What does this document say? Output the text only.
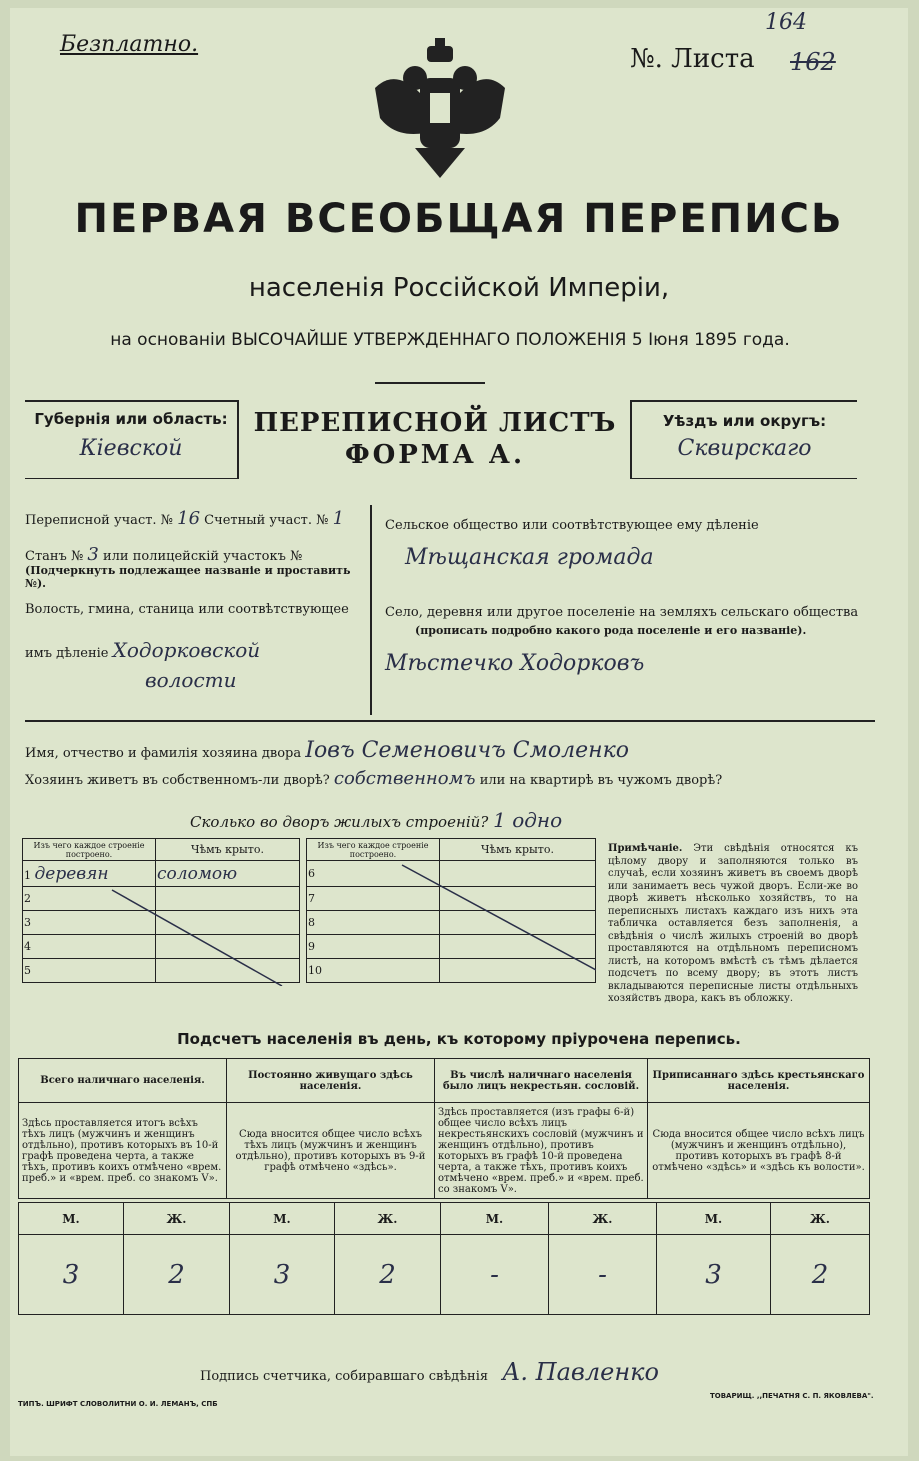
Безплатно.	№. Листа 162
164
ПЕРВАЯ ВСЕОБЩАЯ ПЕРЕПИСЬ
населенія Россійской Имперіи,
на основаніи ВЫСОЧАЙШЕ УТВЕРЖДЕННАГО ПОЛОЖЕНІЯ 5 Іюня 1895 года.
Губернія или область:
Кіевской
ПЕРЕПИСНОЙ ЛИСТЪ
ФОРМА А.
Уѣздъ или округъ:
Сквирскаго
Переписной участ. № 16 Счетный участ. № 1
Станъ № 3 или полицейскій участокъ №
(Подчеркнуть подлежащее названіе и проставить №).
Волость, гмина, станица или соотвѣтствующее
имъ дѣленіе Ходорковской
волости
Сельское общество или соотвѣтствующее ему дѣленіе
Мѣщанская громада
Село, деревня или другое поселеніе на земляхъ сельскаго общества
(прописать подробно какого рода поселеніе и его названіе).
Мѣстечко Ходорковъ
Имя, отчество и фамилія хозяина двора Іовъ Семеновичъ Смоленко
Хозяинъ живетъ въ собственномъ-ли дворѣ? собственномъ или на квартирѣ въ чужомъ дворѣ?
Сколько во дворъ жилыхъ строеній? 1 одно
Изъ чего каждое строеніе построено.	Чѣмъ крыто.
1 деревян	соломою
2	
3	
4	
5	
Изъ чего каждое строеніе построено.	Чѣмъ крыто.
6	
7	
8	
9	
10	
Примѣчаніе. Эти свѣдѣнія относятся къ цѣлому двору и заполняются только въ случаѣ, если хозяинъ живетъ въ своемъ дворѣ или занимаетъ весь чужой дворъ. Если-же во дворѣ живетъ нѣсколько хозяйствъ, то на переписныхъ листахъ каждаго изъ нихъ эта табличка оставляется безъ заполненія, а свѣдѣнія о числѣ жилыхъ строеній во дворѣ проставляются на отдѣльномъ переписномъ листѣ, на которомъ вмѣстѣ съ тѣмъ дѣлается подсчетъ по всему двору; въ этотъ листъ вкладываются переписные листы отдѣльныхъ хозяйствъ двора, какъ въ обложку.
Подсчетъ населенія въ день, къ которому пріурочена перепись.
Всего наличнаго населенія.	Постоянно живущаго здѣсь населенія.	Въ числѣ наличнаго населенія было лицъ некрестьян. сословій.	Приписаннаго здѣсь крестьянскаго населенія.
Здѣсь проставляется итогъ всѣхъ тѣхъ лицъ (мужчинъ и женщинъ отдѣльно), противъ которыхъ въ 10-й графѣ проведена черта, а также тѣхъ, противъ коихъ отмѣчено «врем. преб.» и «врем. преб. со знакомъ V».	Сюда вносится общее число всѣхъ тѣхъ лицъ (мужчинъ и женщинъ отдѣльно), противъ которыхъ въ 9-й графѣ отмѣчено «здѣсь».	Здѣсь проставляется (изъ графы 6-й) общее число всѣхъ лицъ некрестьянскихъ сословій (мужчинъ и женщинъ отдѣльно), противъ которыхъ въ графѣ 10-й проведена черта, а также тѣхъ, противъ коихъ отмѣчено «врем. преб.» и «врем. преб. со знакомъ V».	Сюда вносится общее число всѣхъ лицъ (мужчинъ и женщинъ отдѣльно), противъ которыхъ въ графѣ 8-й отмѣчено «здѣсь» и «здѣсь къ волости».
М.	Ж.	М.	Ж.	М.	Ж.	М.	Ж.
3	2	3	2	-	-	3	2
Подпись счетчика, собиравшаго свѣдѣнія А. Павленко
ТИПЪ. ШРИФТ СЛОВОЛИТНИ О. И. ЛЕМАНЪ, СПБ
ТОВАРИЩ. ,,ПЕЧАТНЯ С. П. ЯКОВЛЕВА".
